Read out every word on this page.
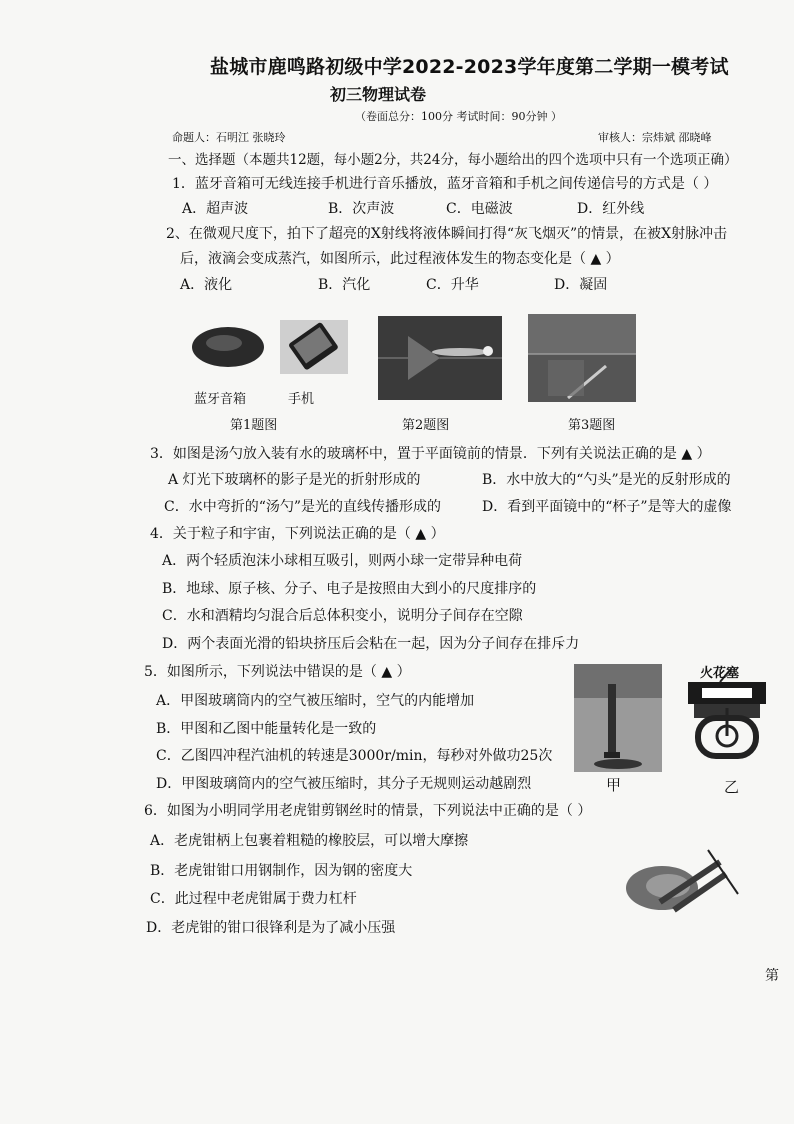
盐城市鹿鸣路初级中学2022-2023学年度第二学期一模考试
初三物理试卷
（卷面总分：100分 考试时间：90分钟 ）
命题人：石明江 张晓玲	审核人：宗炜斌 邵晓峰
一、选择题（本题共12题，每小题2分，共24分，每小题给出的四个选项中只有一个选项正确）
1．蓝牙音箱可无线连接手机进行音乐播放，蓝牙音箱和手机之间传递信号的方式是（ ）
A．超声波	B．次声波	C．电磁波	D．红外线
2、在微观尺度下，拍下了超亮的X射线将液体瞬间打得“灰飞烟灭”的情景，在被X射脉冲击
后，液滴会变成蒸汽，如图所示，此过程液体发生的物态变化是（ ▲ ）
A．液化	B．汽化	C．升华	D．凝固
蓝牙音箱	手机
第1题图	第2题图	第3题图
3．如图是汤勺放入装有水的玻璃杯中，置于平面镜前的情景．下列有关说法正确的是 ▲ ）
A 灯光下玻璃杯的影子是光的折射形成的	B．水中放大的“勺头”是光的反射形成的
C．水中弯折的“汤勺”是光的直线传播形成的	D．看到平面镜中的“杯子”是等大的虚像
4．关于粒子和宇宙，下列说法正确的是（ ▲ ）
A．两个轻质泡沫小球相互吸引，则两小球一定带异种电荷
B．地球、原子核、分子、电子是按照由大到小的尺度排序的
C．水和酒精均匀混合后总体积变小，说明分子间存在空隙
D．两个表面光滑的铅块挤压后会粘在一起，因为分子间存在排斥力
5．如图所示，下列说法中错误的是（ ▲ ）
A．甲图玻璃筒内的空气被压缩时，空气的内能增加
B．甲图和乙图中能量转化是一致的
C．乙图四冲程汽油机的转速是3000r/min，每秒对外做功25次
D．甲图玻璃筒内的空气被压缩时，其分子无规则运动越剧烈	甲
火花塞
乙
6．如图为小明同学用老虎钳剪钢丝时的情景，下列说法中正确的是（ ）
A．老虎钳柄上包裹着粗糙的橡胶层，可以增大摩擦
B．老虎钳钳口用钢制作，因为钢的密度大
C．此过程中老虎钳属于费力杠杆
D．老虎钳的钳口很锋利是为了减小压强
第
